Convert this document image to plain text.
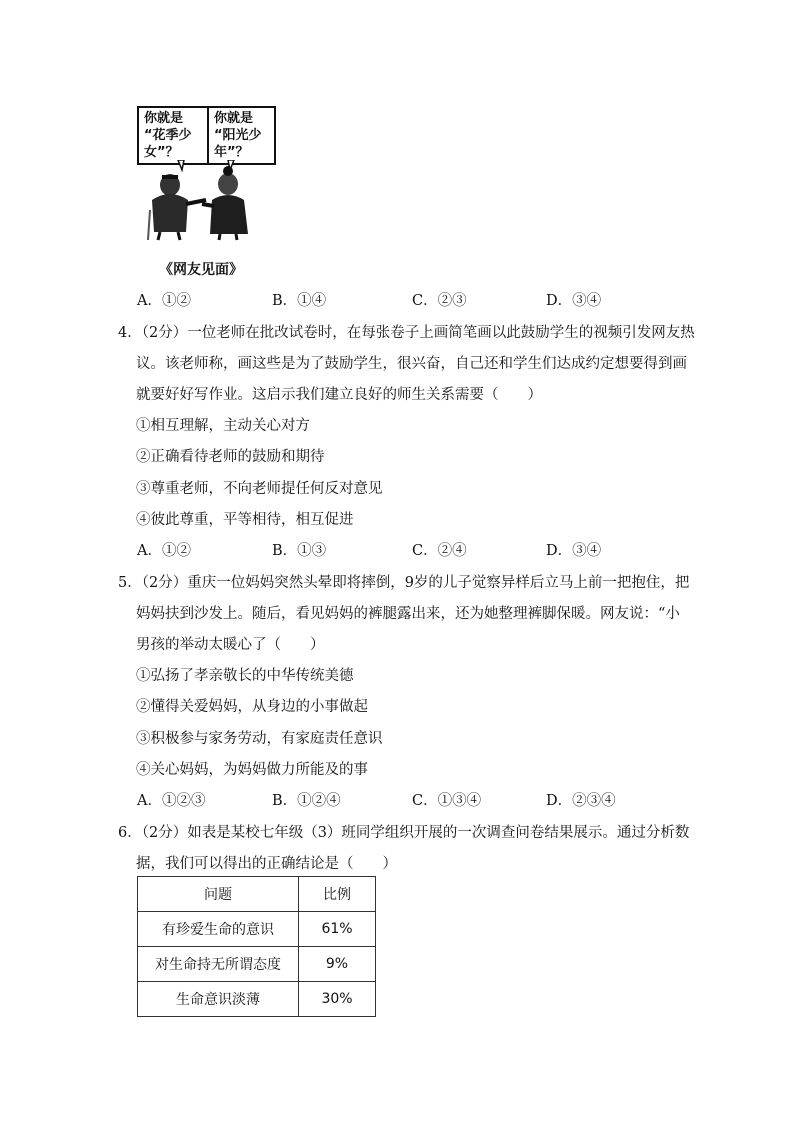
你就是
“花季少
女”？
你就是
“阳光少
年”？
《网友见面》
A．①②	B．①④	C．②③	D．③④
4．（2分）一位老师在批改试卷时，在每张卷子上画简笔画以此鼓励学生的视频引发网友热
议。该老师称，画这些是为了鼓励学生，很兴奋，自己还和学生们达成约定想要得到画
就要好好写作业。这启示我们建立良好的师生关系需要（　　）
①相互理解，主动关心对方
②正确看待老师的鼓励和期待
③尊重老师，不向老师提任何反对意见
④彼此尊重，平等相待，相互促进
A．①②	B．①③	C．②④	D．③④
5．（2分）重庆一位妈妈突然头晕即将摔倒，9岁的儿子觉察异样后立马上前一把抱住，把
妈妈扶到沙发上。随后，看见妈妈的裤腿露出来，还为她整理裤脚保暖。网友说：“小
男孩的举动太暖心了（　　）
①弘扬了孝亲敬长的中华传统美德
②懂得关爱妈妈，从身边的小事做起
③积极参与家务劳动，有家庭责任意识
④关心妈妈，为妈妈做力所能及的事
A．①②③	B．①②④	C．①③④	D．②③④
6．（2分）如表是某校七年级（3）班同学组织开展的一次调查问卷结果展示。通过分析数
据，我们可以得出的正确结论是（　　）
问题	比例
有珍爱生命的意识	61%
对生命持无所谓态度	9%
生命意识淡薄	30%
